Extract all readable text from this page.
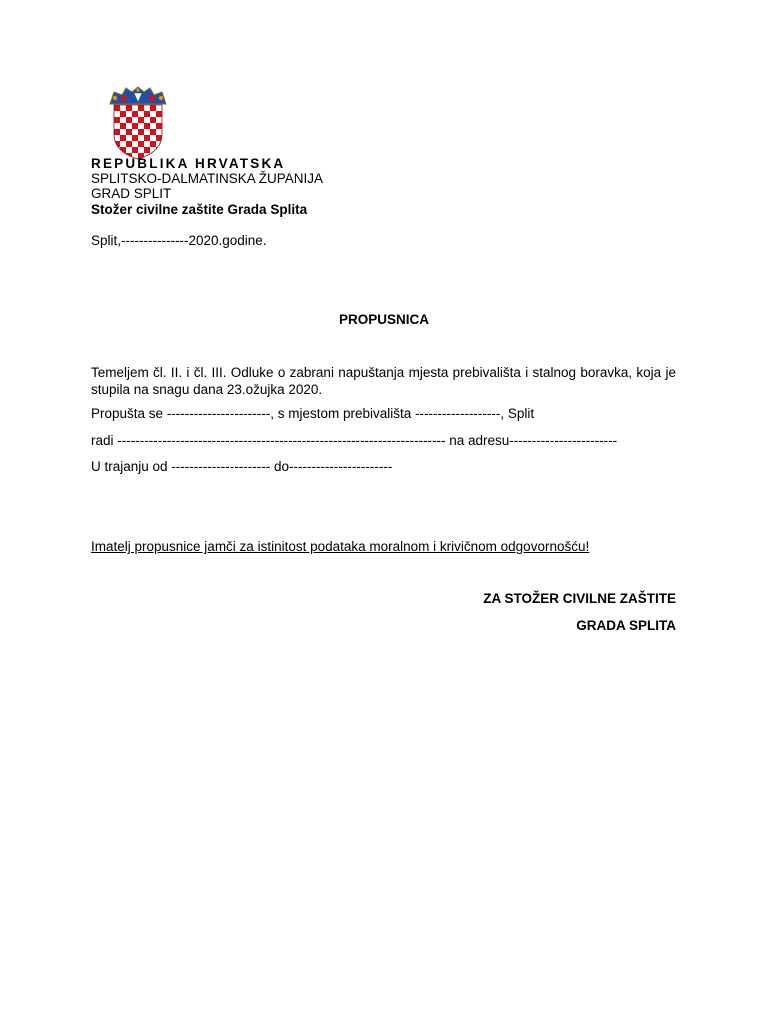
REPUBLIKA HRVATSKA
SPLITSKO-DALMATINSKA ŽUPANIJA
GRAD SPLIT
Stožer civilne zaštite Grada Splita
Split,---------------2020.godine.
PROPUSNICA
Temeljem čl. II. i čl. III. Odluke o zabrani napuštanja mjesta prebivališta i stalnog boravka, koja je stupila na snagu dana 23.ožujka 2020.
Propušta se -----------------------, s mjestom prebivališta -------------------, Split
radi ------------------------------------------------------------------------- na adresu------------------------
U trajanju od ---------------------- do-----------------------
Imatelj propusnice jamči za istinitost podataka moralnom i krivičnom odgovornošću!
ZA STOŽER CIVILNE ZAŠTITE
GRADA SPLITA
